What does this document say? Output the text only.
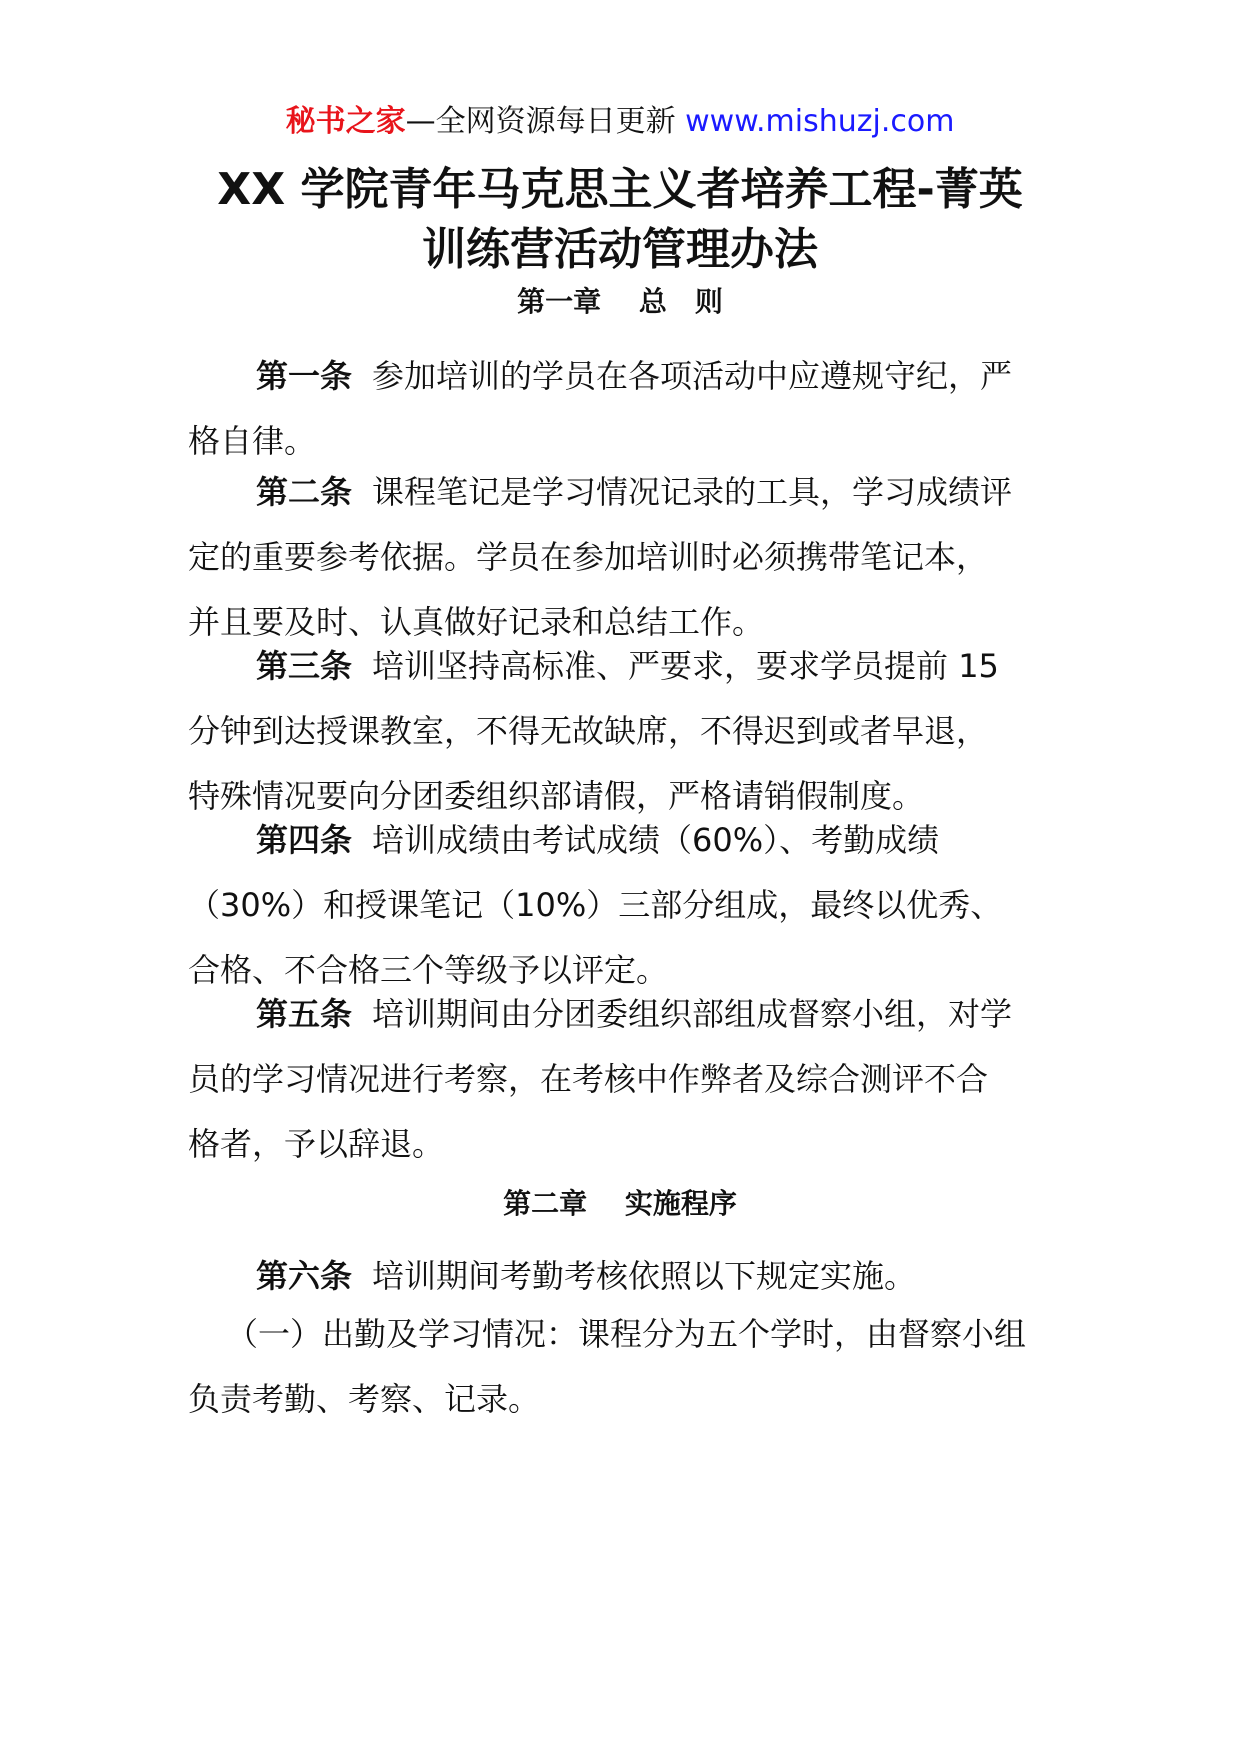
秘书之家—全网资源每日更新 www.mishuzj.com
XX 学院青年马克思主义者培养工程-菁英
训练营活动管理办法
第一章　 总　则
第一条 参加培训的学员在各项活动中应遵规守纪，严
格自律。
第二条 课程笔记是学习情况记录的工具，学习成绩评
定的重要参考依据。学员在参加培训时必须携带笔记本，
并且要及时、认真做好记录和总结工作。
第三条 培训坚持高标准、严要求，要求学员提前 15
分钟到达授课教室，不得无故缺席，不得迟到或者早退，
特殊情况要向分团委组织部请假，严格请销假制度。
第四条 培训成绩由考试成绩（60%）、考勤成绩
（30%）和授课笔记（10%）三部分组成，最终以优秀、
合格、不合格三个等级予以评定。
第五条 培训期间由分团委组织部组成督察小组，对学
员的学习情况进行考察，在考核中作弊者及综合测评不合
格者，予以辞退。
第二章　 实施程序
第六条 培训期间考勤考核依照以下规定实施。
（一）出勤及学习情况：课程分为五个学时，由督察小组
负责考勤、考察、记录。
